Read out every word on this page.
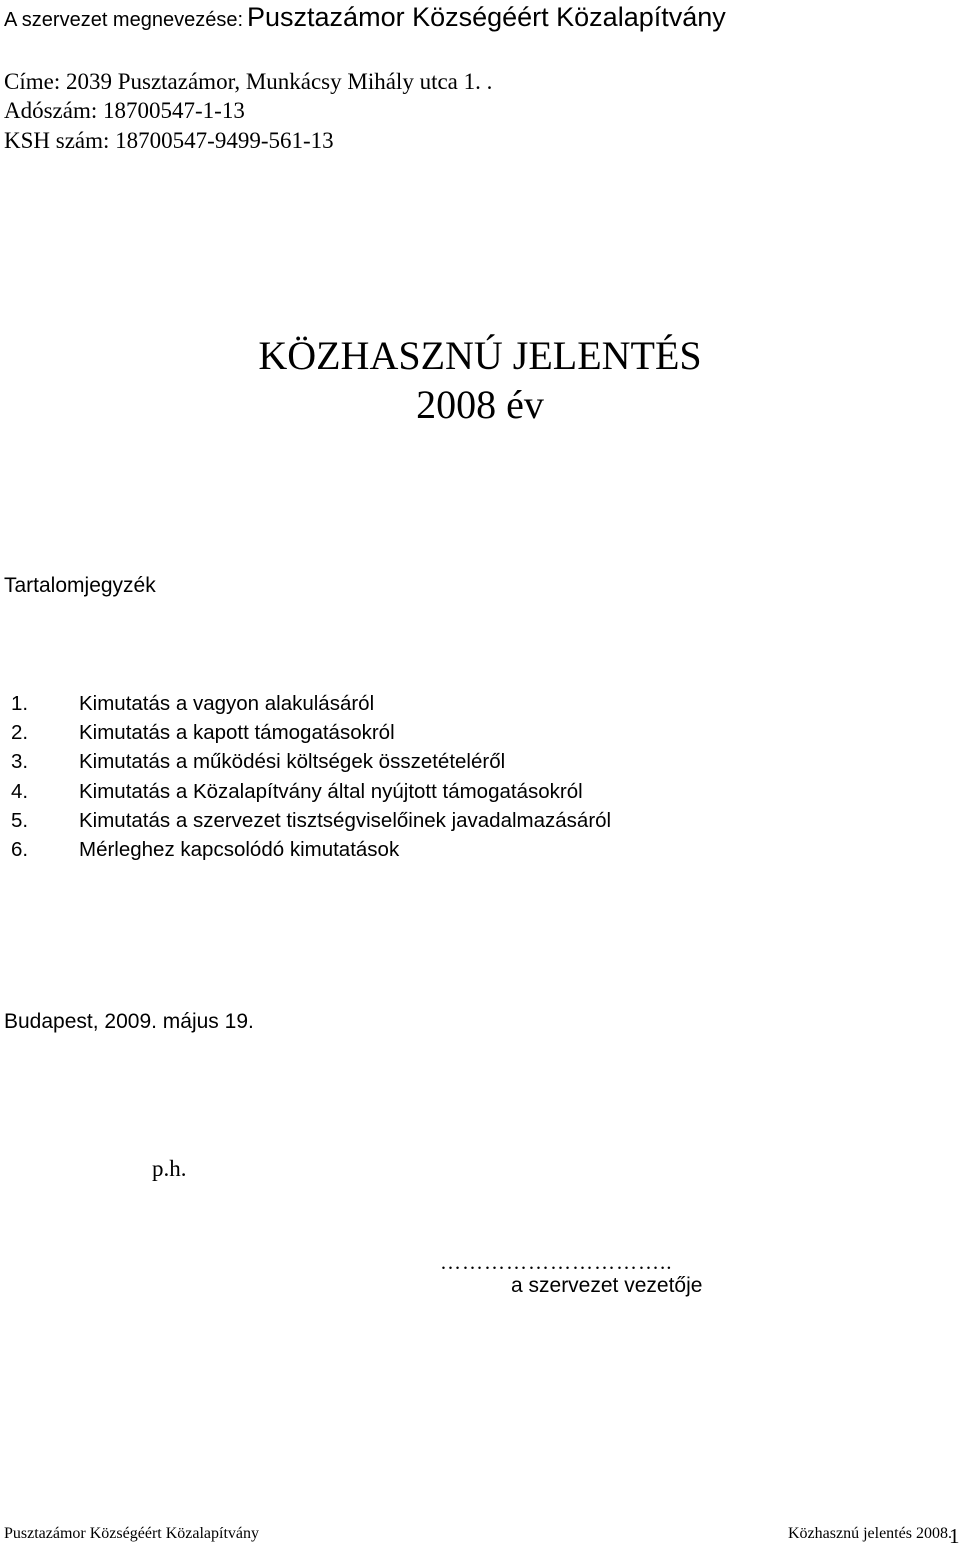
A szervezet megnevezése: Pusztazámor Községéért Közalapítvány
Címe: 2039 Pusztazámor, Munkácsy Mihály utca 1. .
Adószám: 18700547-1-13
KSH szám: 18700547-9499-561-13
KÖZHASZNÚ JELENTÉS
2008 év
Tartalomjegyzék
1. Kimutatás a vagyon alakulásáról
2. Kimutatás a kapott támogatásokról
3. Kimutatás a működési költségek összetételéről
4. Kimutatás a Közalapítvány által nyújtott támogatásokról
5. Kimutatás a szervezet tisztségviselőinek javadalmazásáról
6. Mérleghez kapcsolódó kimutatások
Budapest, 2009. május 19.
p.h.
…………………………..
a szervezet vezetője
Pusztazámor Községéért Közalapítvány	Közhasznú jelentés 2008.
1
